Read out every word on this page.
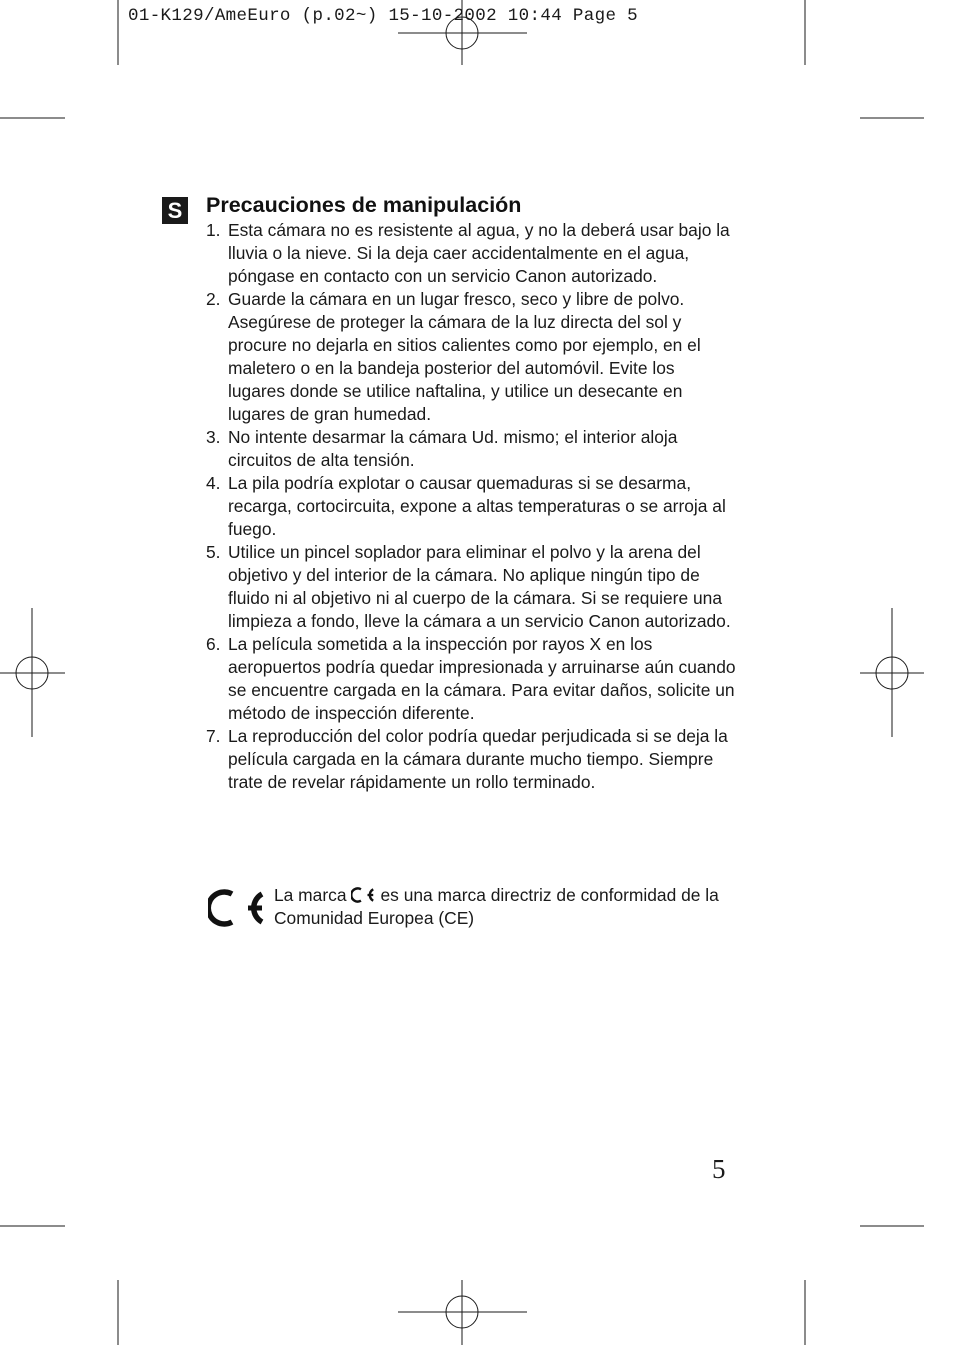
01-K129/AmeEuro (p.02~) 15-10-2002 10:44 Page 5
S Precauciones de manipulación
1. Esta cámara no es resistente al agua, y no la deberá usar bajo la lluvia o la nieve. Si la deja caer accidentalmente en el agua, póngase en contacto con un servicio Canon autorizado.
2. Guarde la cámara en un lugar fresco, seco y libre de polvo. Asegúrese de proteger la cámara de la luz directa del sol y procure no dejarla en sitios calientes como por ejemplo, en el maletero o en la bandeja posterior del automóvil. Evite los lugares donde se utilice naftalina, y utilice un desecante en lugares de gran humedad.
3. No intente desarmar la cámara Ud. mismo; el interior aloja circuitos de alta tensión.
4. La pila podría explotar o causar quemaduras si se desarma, recarga, cortocircuita, expone a altas temperaturas o se arroja al fuego.
5. Utilice un pincel soplador para eliminar el polvo y la arena del objetivo y del interior de la cámara. No aplique ningún tipo de fluido ni al objetivo ni al cuerpo de la cámara. Si se requiere una limpieza a fondo, lleve la cámara a un servicio Canon autorizado.
6. La película sometida a la inspección por rayos X en los aeropuertos podría quedar impresionada y arruinarse aún cuando se encuentre cargada en la cámara. Para evitar daños, solicite un método de inspección diferente.
7. La reproducción del color podría quedar perjudicada si se deja la película cargada en la cámara durante mucho tiempo. Siempre trate de revelar rápidamente un rollo terminado.
La marca es una marca directriz de conformidad de la Comunidad Europea (CE)
5
